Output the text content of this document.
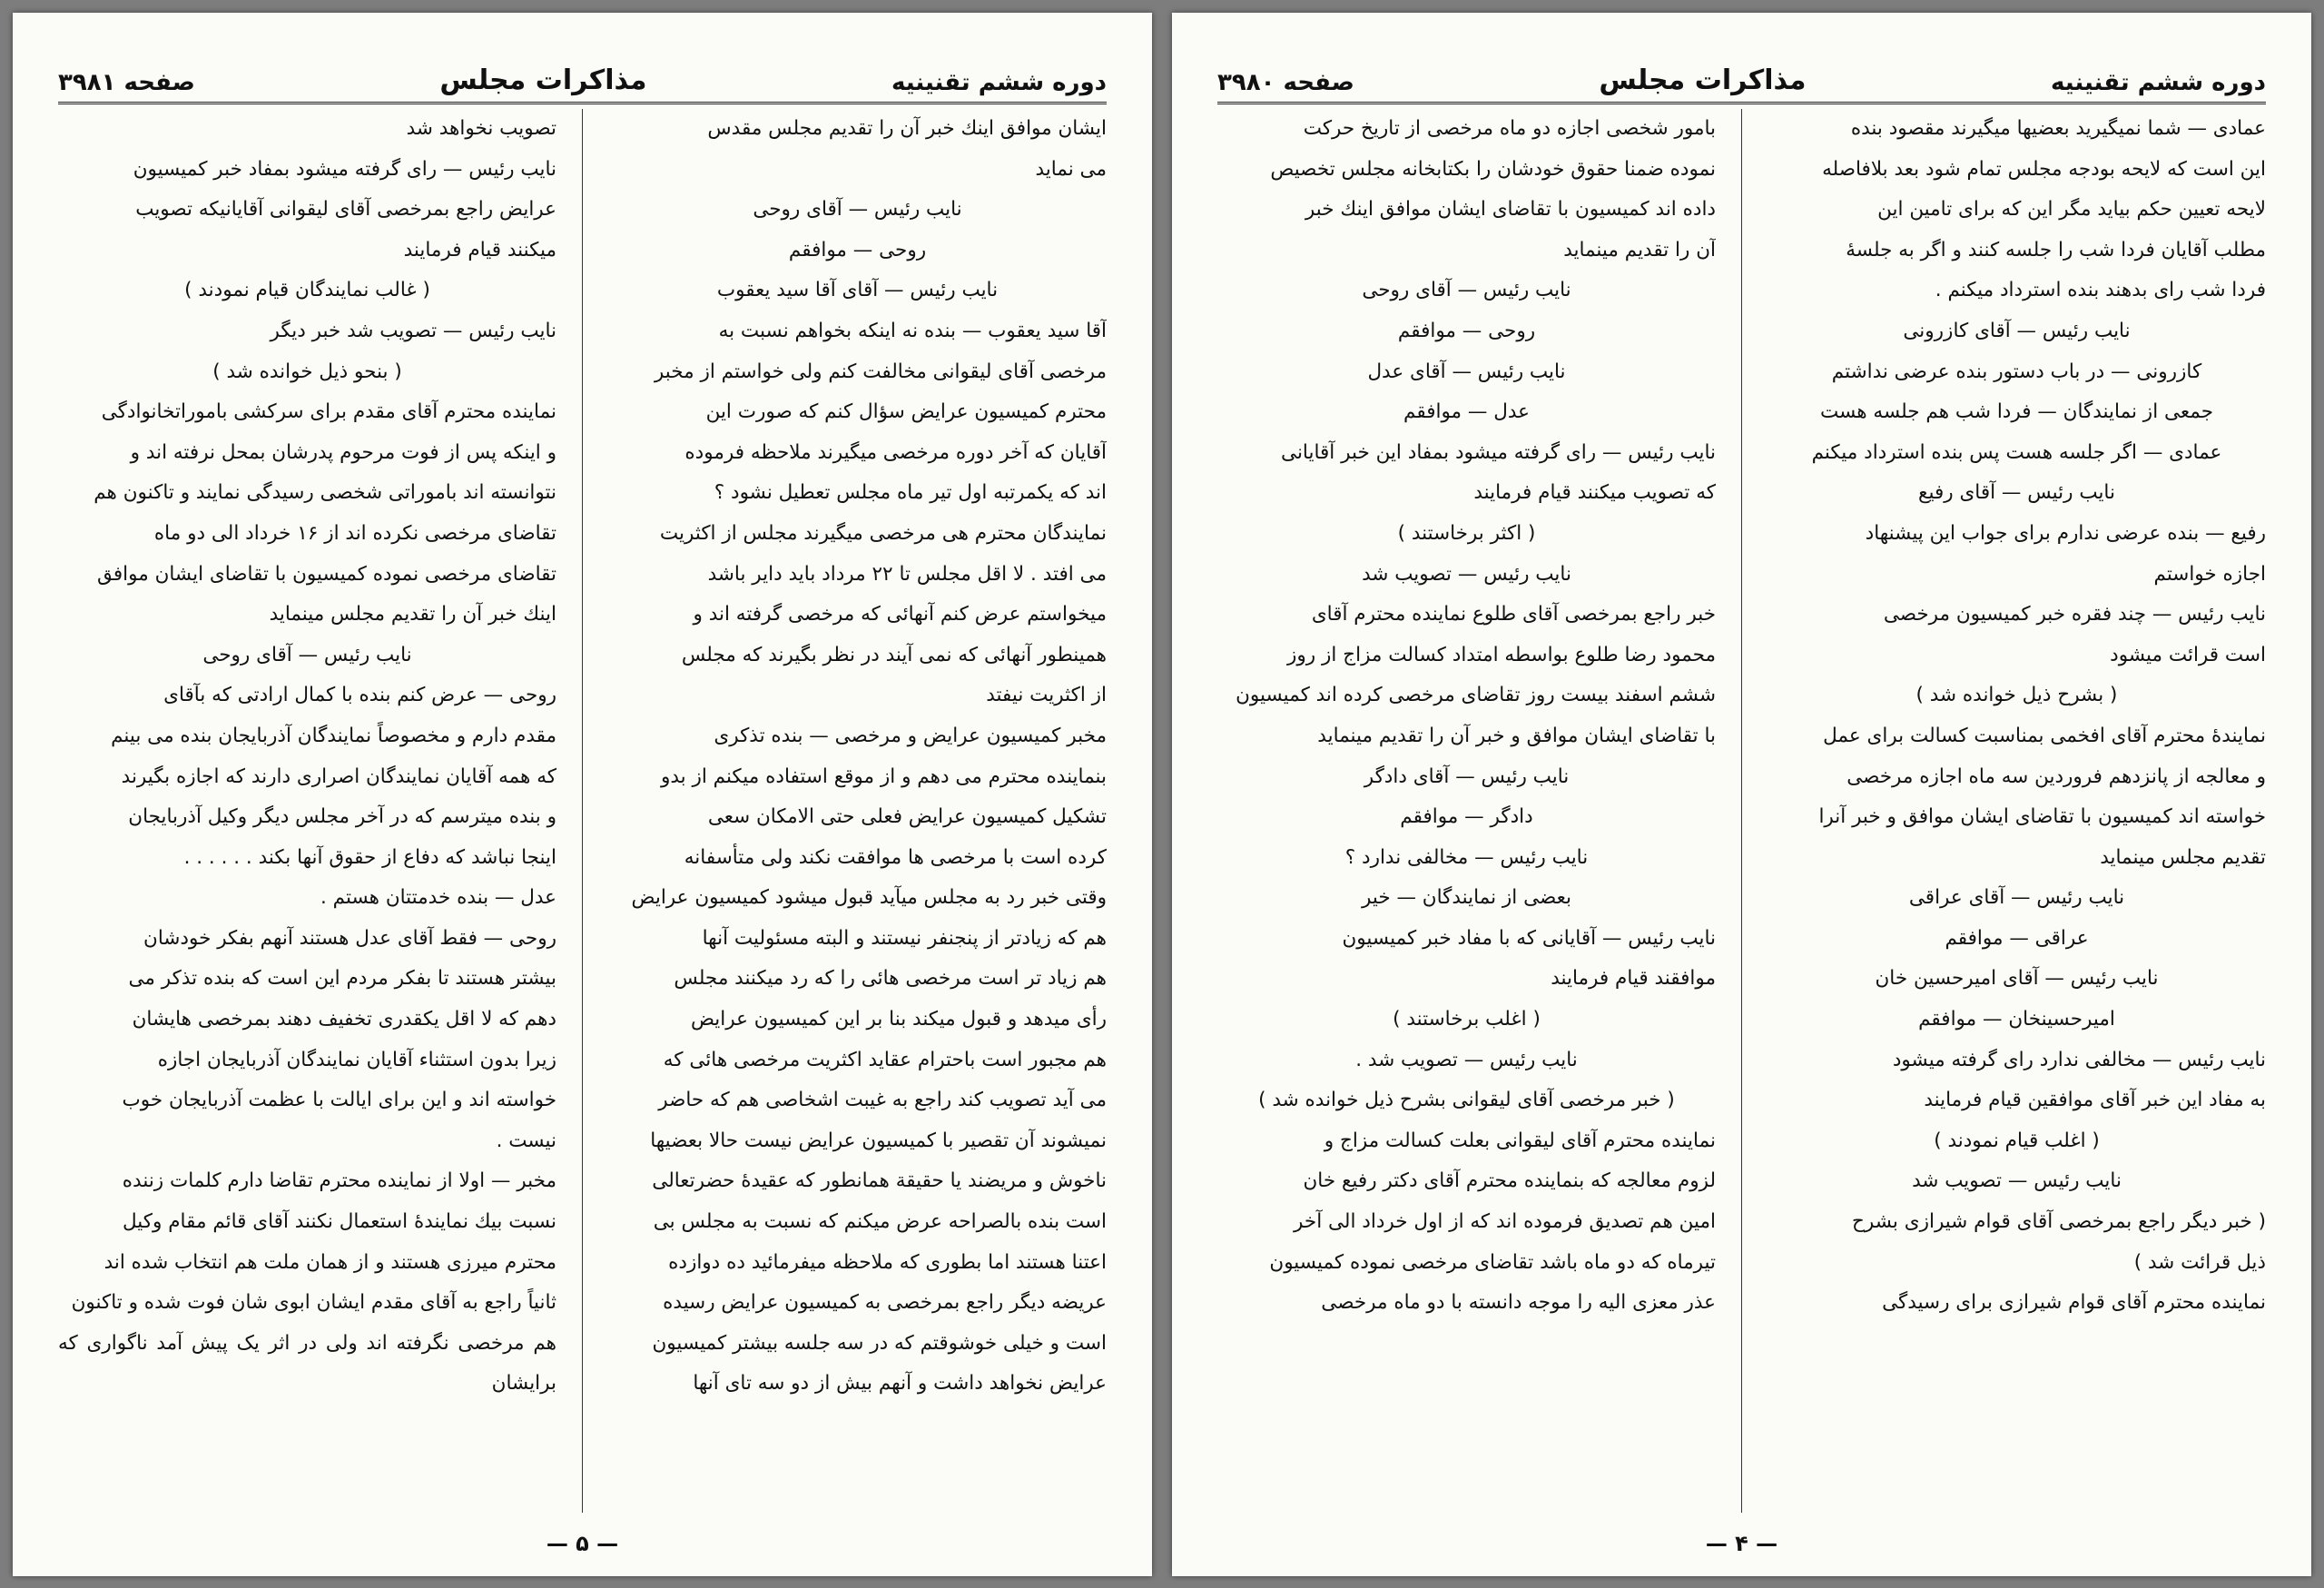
دوره ششم تقنینیه
مذاکرات مجلس
صفحه ۳۹۸۱

ایشان موافق اینك خبر آن را تقدیم مجلس مقدس

می نماید

نایب رئیس — آقای روحی

روحی — موافقم

نایب رئیس — آقای آقا سید یعقوب

آقا سید یعقوب — بنده نه اینکه بخواهم نسبت به

مرخصی آقای لیقوانی مخالفت کنم ولی خواستم از مخبر

محترم کمیسیون عرایض سؤال کنم که صورت این

آقایان که آخر دوره مرخصی میگیرند ملاحظه فرموده

اند که یکمرتبه اول تیر ماه مجلس تعطیل نشود ؟

نمایندگان محترم هی مرخصی میگیرند مجلس از اکثریت

می افتد . لا اقل مجلس تا ۲۲ مرداد باید دایر باشد

میخواستم عرض کنم آنهائی که مرخصی گرفته اند و

همینطور آنهائی که نمی آیند در نظر بگیرند که مجلس

از اکثریت نیفتد

مخبر کمیسیون عرایض و مرخصی — بنده تذکری

بنماینده محترم می دهم و از موقع استفاده میکنم از بدو

تشکیل کمیسیون عرایض فعلی حتی الامکان سعی

کرده است با مرخصی ها موافقت نکند ولی متأسفانه

وقتی خبر رد به مجلس میآید قبول میشود کمیسیون عرایض

هم که زیادتر از پنجنفر نیستند و البته مسئولیت آنها

هم زیاد تر است مرخصی هائی را که رد میکنند مجلس

رأی میدهد و قبول میکند بنا بر این کمیسیون عرایض

هم مجبور است باحترام عقاید اکثریت مرخصی هائی که

می آید تصویب کند راجع به غیبت اشخاصی هم که حاضر

نمیشوند آن تقصیر با کمیسیون عرایض نیست حالا بعضیها

ناخوش و مریضند یا حقیقة همانطور که عقیدهٔ حضرتعالی

است بنده بالصراحه عرض میکنم که نسبت به مجلس بی

اعتنا هستند اما بطوری که ملاحظه میفرمائید ده دوازده

عریضه دیگر راجع بمرخصی به کمیسیون عرایض رسیده

است و خیلی خوشوقتم که در سه جلسه بیشتر کمیسیون

عرایض نخواهد داشت و آنهم بیش از دو سه تای آنها

تصویب نخواهد شد

نایب رئیس — رای گرفته میشود بمفاد خبر کمیسیون

عرایض راجع بمرخصی آقای لیقوانی آقایانیکه تصویب

میکنند قیام فرمایند

( غالب نمایندگان قیام نمودند )

نایب رئیس — تصویب شد خبر دیگر

( بنحو ذیل خوانده شد )

نماینده محترم آقای مقدم برای سرکشی باموراتخانوادگی

و اینکه پس از فوت مرحوم پدرشان بمحل نرفته اند و

نتوانسته اند باموراتی شخصی رسیدگی نمایند و تاکنون هم

تقاضای مرخصی نکرده اند از ۱۶ خرداد الی دو ماه

تقاضای مرخصی نموده کمیسیون با تقاضای ایشان موافق

اینك خبر آن را تقدیم مجلس مینماید

نایب رئیس — آقای روحی

روحی — عرض کنم بنده با کمال ارادتی که بآقای

مقدم دارم و مخصوصاً نمایندگان آذربایجان بنده می بینم

که همه آقایان نمایندگان اصراری دارند که اجازه بگیرند

و بنده میترسم که در آخر مجلس دیگر وکیل آذربایجان

اینجا نباشد که دفاع از حقوق آنها بکند . . . . . .

عدل — بنده خدمتتان هستم .

روحی — فقط آقای عدل هستند آنهم بفکر خودشان

بیشتر هستند تا بفکر مردم این است که بنده تذکر می

دهم که لا اقل یکقدری تخفیف دهند بمرخصی هایشان

زیرا بدون استثناء آقایان نمایندگان آذربایجان اجازه

خواسته اند و این برای ایالت با عظمت آذربایجان خوب

نیست .

مخبر — اولا از نماینده محترم تقاضا دارم کلمات زننده

نسبت بیك نمایندهٔ استعمال نکنند آقای قائم مقام وکیل

محترم میرزی هستند و از همان ملت هم انتخاب شده اند

ثانیاً راجع به آقای مقدم ایشان ابوی شان فوت شده و تاکنون

هم مرخصی نگرفته اند ولی در اثر یک پیش آمد ناگواری که برایشان

— ۵ —
دوره ششم تقنینیه
مذاکرات مجلس
صفحه ۳۹۸۰

عمادی — شما نمیگیرید بعضیها میگیرند مقصود بنده

این است که لایحه بودجه مجلس تمام شود بعد بلافاصله

لایحه تعیین حکم بیاید مگر این که برای تامین این

مطلب آقایان فردا شب را جلسه کنند و اگر به جلسهٔ

فردا شب رای بدهند بنده استرداد میکنم .

نایب رئیس — آقای کازرونی

کازرونی — در باب دستور بنده عرضی نداشتم

جمعی از نمایندگان — فردا شب هم جلسه هست

عمادی — اگر جلسه هست پس بنده استرداد میکنم

نایب رئیس — آقای رفیع

رفیع — بنده عرضی ندارم برای جواب این پیشنهاد

اجازه خواستم

نایب رئیس — چند فقره خبر کمیسیون مرخصی

است قرائت میشود

( بشرح ذیل خوانده شد )

نمایندهٔ محترم آقای افخمی بمناسبت کسالت برای عمل

و معالجه از پانزدهم فروردین سه ماه اجازه مرخصی

خواسته اند کمیسیون با تقاضای ایشان موافق و خبر آنرا

تقدیم مجلس مینماید

نایب رئیس — آقای عراقی

عراقی — موافقم

نایب رئیس — آقای امیرحسین خان

امیرحسینخان — موافقم

نایب رئیس — مخالفی ندارد رای گرفته میشود

به مفاد این خبر آقای موافقین قیام فرمایند

( اغلب قیام نمودند )

نایب رئیس — تصویب شد

( خبر دیگر راجع بمرخصی آقای قوام شیرازی بشرح

ذیل قرائت شد )

نماینده محترم آقای قوام شیرازی برای رسیدگی

بامور شخصی اجازه دو ماه مرخصی از تاریخ حرکت

نموده ضمنا حقوق خودشان را بکتابخانه مجلس تخصیص

داده اند کمیسیون با تقاضای ایشان موافق اینك خبر

آن را تقدیم مینماید

نایب رئیس — آقای روحی

روحی — موافقم

نایب رئیس — آقای عدل

عدل — موافقم

نایب رئیس — رای گرفته میشود بمفاد این خبر آقایانی

که تصویب میکنند قیام فرمایند

( اکثر برخاستند )

نایب رئیس — تصویب شد

خبر راجع بمرخصی آقای طلوع نماینده محترم آقای

محمود رضا طلوع بواسطه امتداد کسالت مزاج از روز

ششم اسفند بیست روز تقاضای مرخصی کرده اند کمیسیون

با تقاضای ایشان موافق و خبر آن را تقدیم مینماید

نایب رئیس — آقای دادگر

دادگر — موافقم

نایب رئیس — مخالفی ندارد ؟

بعضی از نمایندگان — خیر

نایب رئیس — آقایانی که با مفاد خبر کمیسیون

موافقند قیام فرمایند

( اغلب برخاستند )

نایب رئیس — تصویب شد .

( خبر مرخصی آقای لیقوانی بشرح ذیل خوانده شد )

نماینده محترم آقای لیقوانی بعلت کسالت مزاج و

لزوم معالجه که بنماینده محترم آقای دکتر رفیع خان

امین هم تصدیق فرموده اند که از اول خرداد الی آخر

تیرماه که دو ماه باشد تقاضای مرخصی نموده کمیسیون

عذر معزی الیه را موجه دانسته با دو ماه مرخصی

— ۴ —
